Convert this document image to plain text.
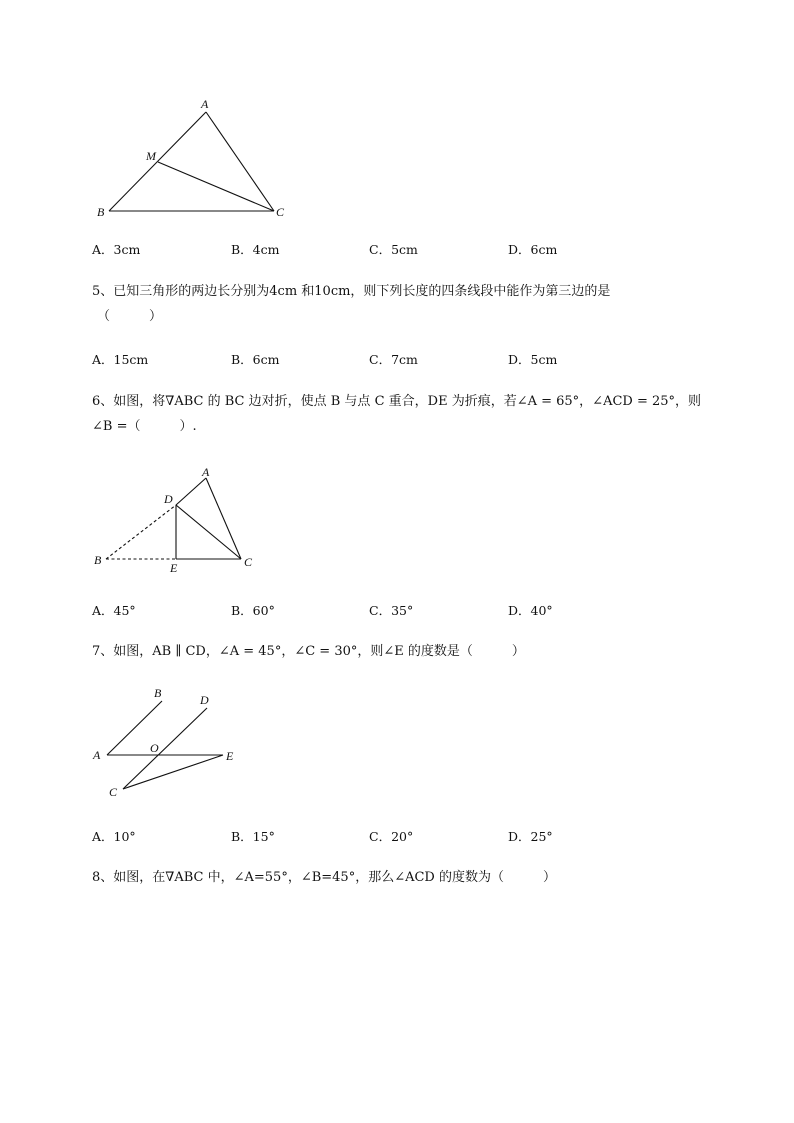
A
M
B	C
A．3cm	B．4cm	C．5cm	D．6cm
5、已知三角形的两边长分别为4cm 和10cm，则下列长度的四条线段中能作为第三边的是
（　　　）
A．15cm	B．6cm	C．7cm	D．5cm
6、如图，将∇ABC 的 BC 边对折，使点 B 与点 C 重合，DE 为折痕，若∠A = 65°，∠ACD = 25°，则
∠B =（　　　）.
A
D
B
E	C
A．45°	B．60°	C．35°	D．40°
7、如图，AB ∥ CD，∠A = 45°，∠C = 30°，则∠E 的度数是（　　　）
B	D
A	O
E
C
A．10°	B．15°	C．20°	D．25°
8、如图，在∇ABC 中，∠A=55°，∠B=45°，那么∠ACD 的度数为（　　　）
